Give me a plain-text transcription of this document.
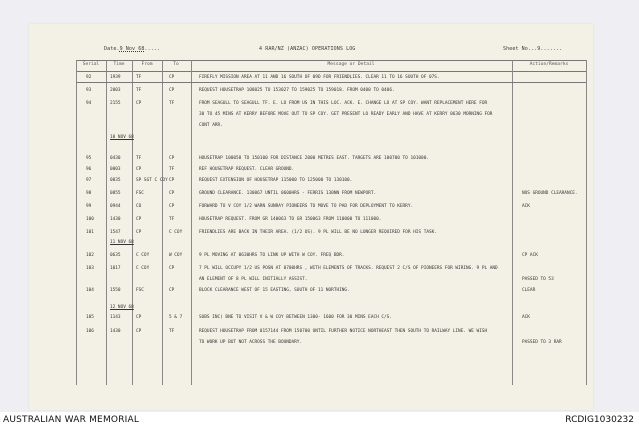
Date.9 Nov 68.....	4 RAR/NZ (ANZAC) OPERATIONS LOG	Sheet No...9.......
Serial	Time	From	To	Message or Detail	Action/Remarks
92	1939	TF	CP	FIREFLY MISSION AREA AT 11 AND 16 SOUTH OF 09D FOR FRIENDLIES. CLEAR 11 TO 16 SOUTH OF 07S.
93	2003	TF	CP	REQUEST HOUSETRAP 108025 TO 153027 TO 159025 TO 159018. FROM 0400 TO 0406.
94	2155	CP	TF	FROM SEAGULL TO SEAGULL TF. E. LO FROM US IN THIS LOC. ACK. E. CHANGE LO AT SP COY. WANT REPLACEMENT HERE FOR
30 TO 45 MINS AT KERRY BEFORE MOVE OUT TO SP COY. GET PRESENT LO READY EARLY AND HAVE AT KERRY 0630 MORNING FOR
CONT ARR.
10 NOV 68
95	0430	TF	CP	HOUSETRAP 100058 TO 150100 FOR DISTANCE 2000 METRES EAST. TARGETS ARE 100700 TO 101000.
96	0003	CP	TF	REF HOUSETRAP REQUEST. CLEAR GROUND.
97	0835	SP SGT C COY CP	REQUEST EXTENSION OF HOUSETRAP 115000 TO 125000 TO 130100.
98	0855	FSC	CP	GROUND CLEARANCE. 130067 UNTIL 0600HRS - FERRIS 130NN FROM NEWPORT.	NOS GROUND CLEARANCE.
99	0944	CO	CP	FORWARD TO V COY 1/2 WARN SUNRAY PIONEERS TO MOVE TO PAD FOR DEPLOYMENT TO KERRY.	ACK
100	1430	CP	TF	HOUSETRAP REQUEST. FROM GR 140063 TO GR 150063 FROM 110000 TO 111000.
101	1547	CP	C COY	FRIENDLIES ARE BACK IN THEIR AREA. (1/2 US). 9 PL WILL BE NO LONGER REQUIRED FOR HIS TASK.
11 NOV 68
102	0635	C COY	W COY	9 PL MOVING AT 0630HRS TO LINK UP WITH W COY. FREQ BDR.	CP ACK
103	1017	C COY	CP	7 PL WILL OCCUPY 1/2 US POSN AT 0700HRS , WITH ELEMENTS OF TRACKS. REQUEST 2 C/S OF PIONEERS FOR WIRING. 9 PL AND
AN ELEMENT OF 8 PL WILL INITIALLY ASSIST.	PASSED TO 53
104	1550	FSC	CP	BLOCK CLEARANCE WEST OF 15 EASTING, SOUTH OF 11 NORTHING.	CLEAR
12 NOV 68
105	1143	CP	5 & 7	SUBS INC) BNE TO VISIT V & W COY BETWEEN 1300- 1600 FOR 30 MINS EACH C/S.	ACK
106	1430	CP	TF	REQUEST HOUSETRAP FROM 0157144 FROM 150700 UNTIL FURTHER NOTICE NORTHEAST THEN SOUTH TO RAILWAY LINE. WE WISH
TO WORK UP BUT NOT ACROSS THE BOUNDARY.	PASSED TO 3 RAR
AUSTRALIAN WAR MEMORIAL	RCDIG1030232
